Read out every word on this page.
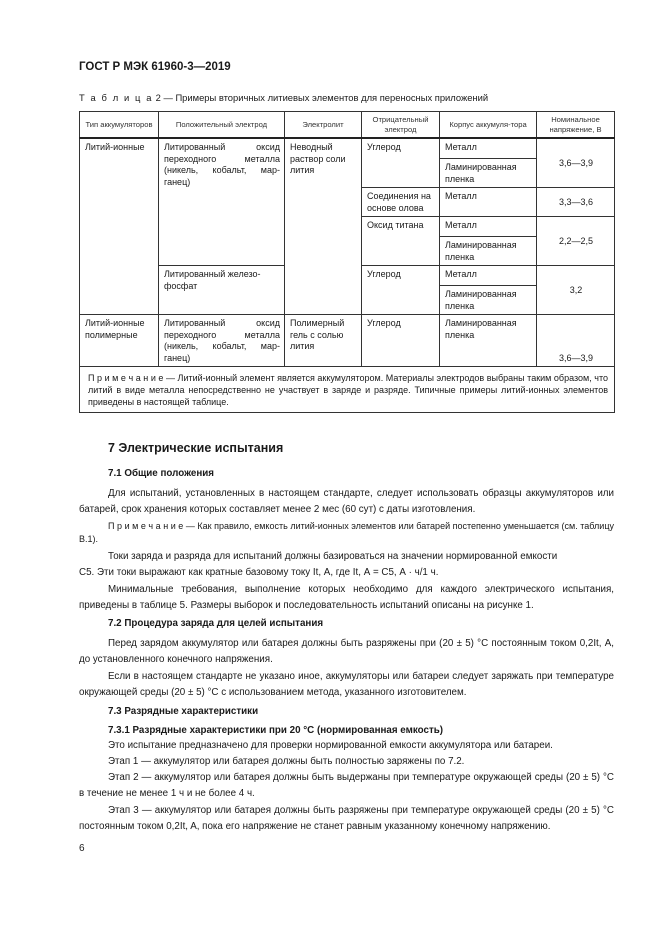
ГОСТ Р МЭК 61960-3—2019
Т а б л и ц а 2 — Примеры вторичных литиевых элементов для переносных приложений
Тип аккумуляторов	Положительный электрод	Электролит	Отрицательный электрод	Корпус аккумуля-тора	Номинальное напряжение, В
Литий-ионные	Литированный оксид переходного металла (никель, кобальт, мар-ганец)	Неводный раствор соли лития	Углерод	Металл	3,6—3,9
				Ламинированная пленка	
			Соединения на основе олова	Металл	3,3—3,6
			Оксид титана	Металл	2,2—2,5
				Ламинированная пленка	
	Литированный железо-фосфат		Углерод	Металл	3,2
				Ламинированная пленка	
Литий-ионные полимерные	Литированный оксид переходного металла (никель, кобальт, мар-ганец)	Полимерный гель с солью лития	Углерод	Ламинированная пленка	3,6—3,9
П р и м е ч а н и е — Литий-ионный элемент является аккумулятором. Материалы электродов выбраны таким образом, что литий в виде металла непосредственно не участвует в заряде и разряде. Типичные примеры литий-ионных элементов приведены в настоящей таблице.					
7 Электрические испытания
7.1 Общие положения
Для испытаний, установленных в настоящем стандарте, следует использовать образцы аккумуляторов или батарей, срок хранения которых составляет менее 2 мес (60 сут) с даты изготовления.
П р и м е ч а н и е — Как правило, емкость литий-ионных элементов или батарей постепенно уменьшается (см. таблицу В.1).
Токи заряда и разряда для испытаний должны базироваться на значении нормированной емкости
C5. Эти токи выражают как кратные базовому току It, А, где It, А = C5, А · ч/1 ч.
Минимальные требования, выполнение которых необходимо для каждого электрического испытания, приведены в таблице 5. Размеры выборок и последовательность испытаний описаны на рисунке 1.
7.2 Процедура заряда для целей испытания
Перед зарядом аккумулятор или батарея должны быть разряжены при (20 ± 5) °С постоянным током 0,2It, А, до установленного конечного напряжения.
Если в настоящем стандарте не указано иное, аккумуляторы или батареи следует заряжать при температуре окружающей среды (20 ± 5) °С с использованием метода, указанного изготовителем.
7.3 Разрядные характеристики
7.3.1 Разрядные характеристики при 20 °С (нормированная емкость)
Это испытание предназначено для проверки нормированной емкости аккумулятора или батареи.
Этап 1 — аккумулятор или батарея должны быть полностью заряжены по 7.2.
Этап 2 — аккумулятор или батарея должны быть выдержаны при температуре окружающей среды (20 ± 5) °С в течение не менее 1 ч и не более 4 ч.
Этап 3 — аккумулятор или батарея должны быть разряжены при температуре окружающей среды (20 ± 5) °С постоянным током 0,2It, A, пока его напряжение не станет равным указанному конечному напряжению.
6
